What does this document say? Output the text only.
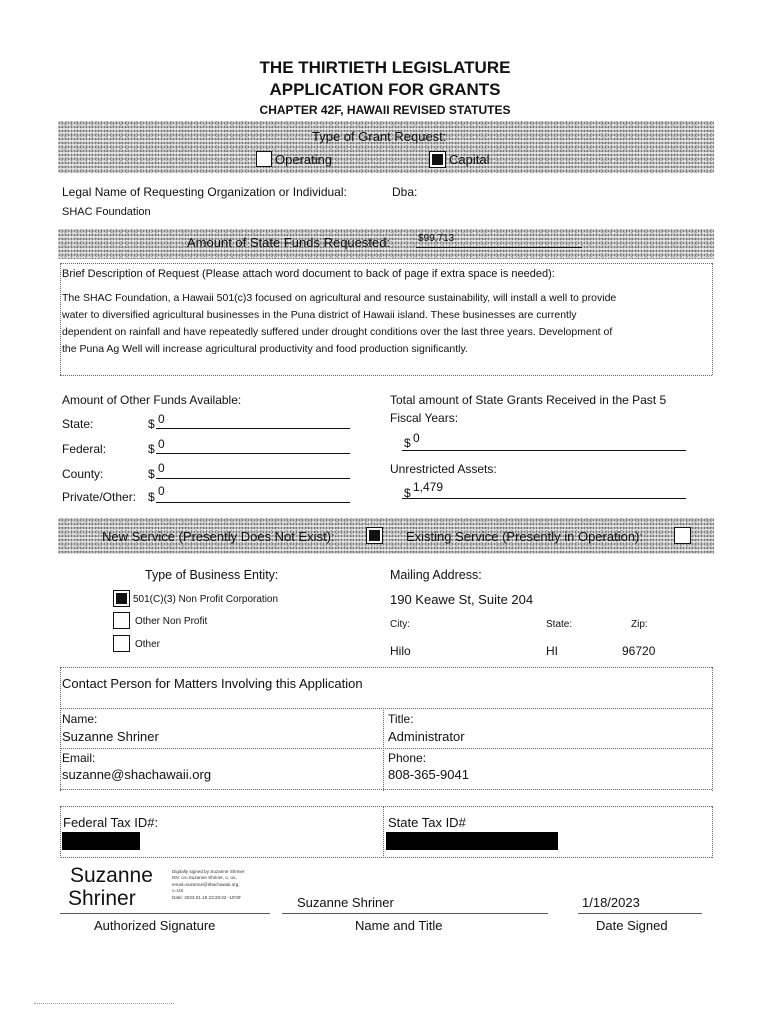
THE THIRTIETH LEGISLATURE
APPLICATION FOR GRANTS
CHAPTER 42F, HAWAII REVISED STATUTES
Type of Grant Request:
Operating	Capital
Legal Name of Requesting Organization or Individual:	Dba:
SHAC Foundation
Amount of State Funds Requested:	$99,713
Brief Description of Request (Please attach word document to back of page if extra space is needed):
The SHAC Foundation, a Hawaii 501(c)3 focused on agricultural and resource sustainability, will install a well to provide
water to diversified agricultural businesses in the Puna district of Hawaii island. These businesses are currently
dependent on rainfall and have repeatedly suffered under drought conditions over the last three years. Development of
the Puna Ag Well will increase agricultural productivity and food production significantly.
Amount of Other Funds Available:
State:	$ 0
Federal:	$ 0
County:	$ 0
Private/Other: $ 0
Total amount of State Grants Received in the Past 5
Fiscal Years:
$ 0
Unrestricted Assets:
$ 1,479
New Service (Presently Does Not Exist):	Existing Service (Presently in Operation):
Type of Business Entity:
501(C)(3) Non Profit Corporation
Other Non Profit
Other
Mailing Address:
190 Keawe St, Suite 204
City:	State:	Zip:
Hilo	HI	96720
Contact Person for Matters Involving this Application
Name:
Suzanne Shriner
Title:
Administrator
Email:
suzanne@shachawaii.org
Phone:
808-365-9041
Federal Tax ID#:	State Tax ID#
Suzanne
Shriner
Digitally signed by Suzanne Shriner
DN: cn=Suzanne Shriner, o, ou,
email=suzanne@shachawaii.org,
c=US
Date: 2023.01.18 23:28:32 -10'00'	Suzanne Shriner	1/18/2023
Authorized Signature	Name and Title	Date Signed
